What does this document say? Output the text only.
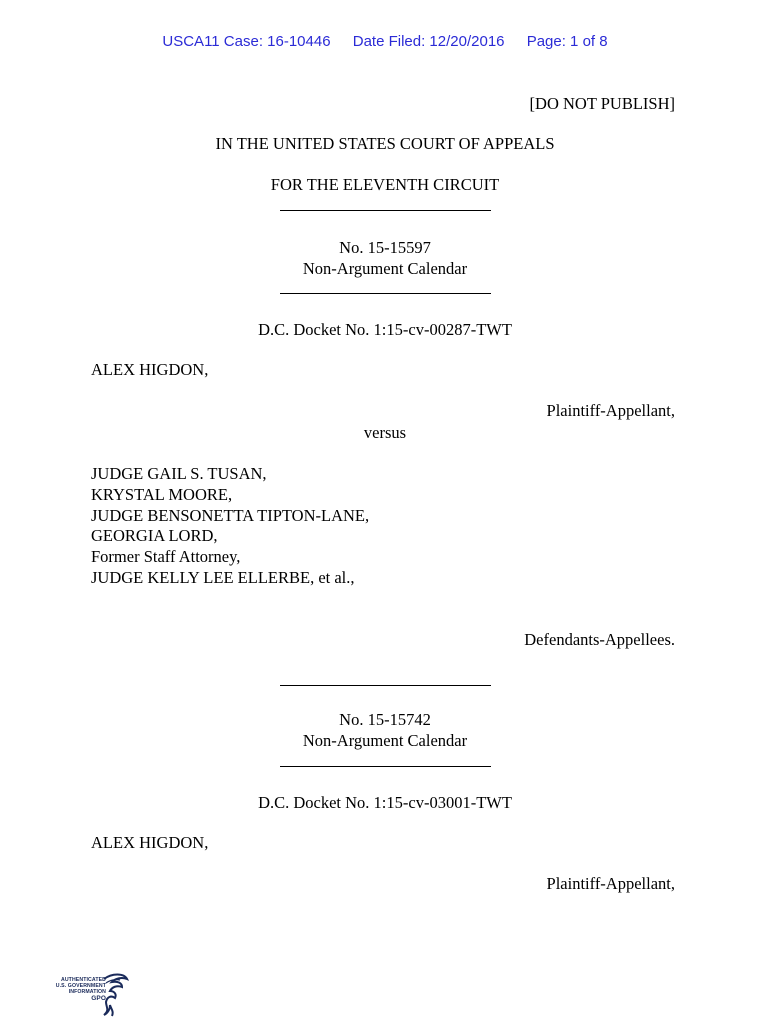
USCA11 Case: 16-10446 Date Filed: 12/20/2016 Page: 1 of 8
[DO NOT PUBLISH]
IN THE UNITED STATES COURT OF APPEALS
FOR THE ELEVENTH CIRCUIT
No. 15-15597
Non-Argument Calendar
D.C. Docket No. 1:15-cv-00287-TWT
ALEX HIGDON,
Plaintiff-Appellant,
versus
JUDGE GAIL S. TUSAN,
KRYSTAL MOORE,
JUDGE BENSONETTA TIPTON-LANE,
GEORGIA LORD,
Former Staff Attorney,
JUDGE KELLY LEE ELLERBE, et al.,
Defendants-Appellees.
No. 15-15742
Non-Argument Calendar
D.C. Docket No. 1:15-cv-03001-TWT
ALEX HIGDON,
Plaintiff-Appellant,
AUTHENTICATED
U.S. GOVERNMENT
INFORMATION
GPO
